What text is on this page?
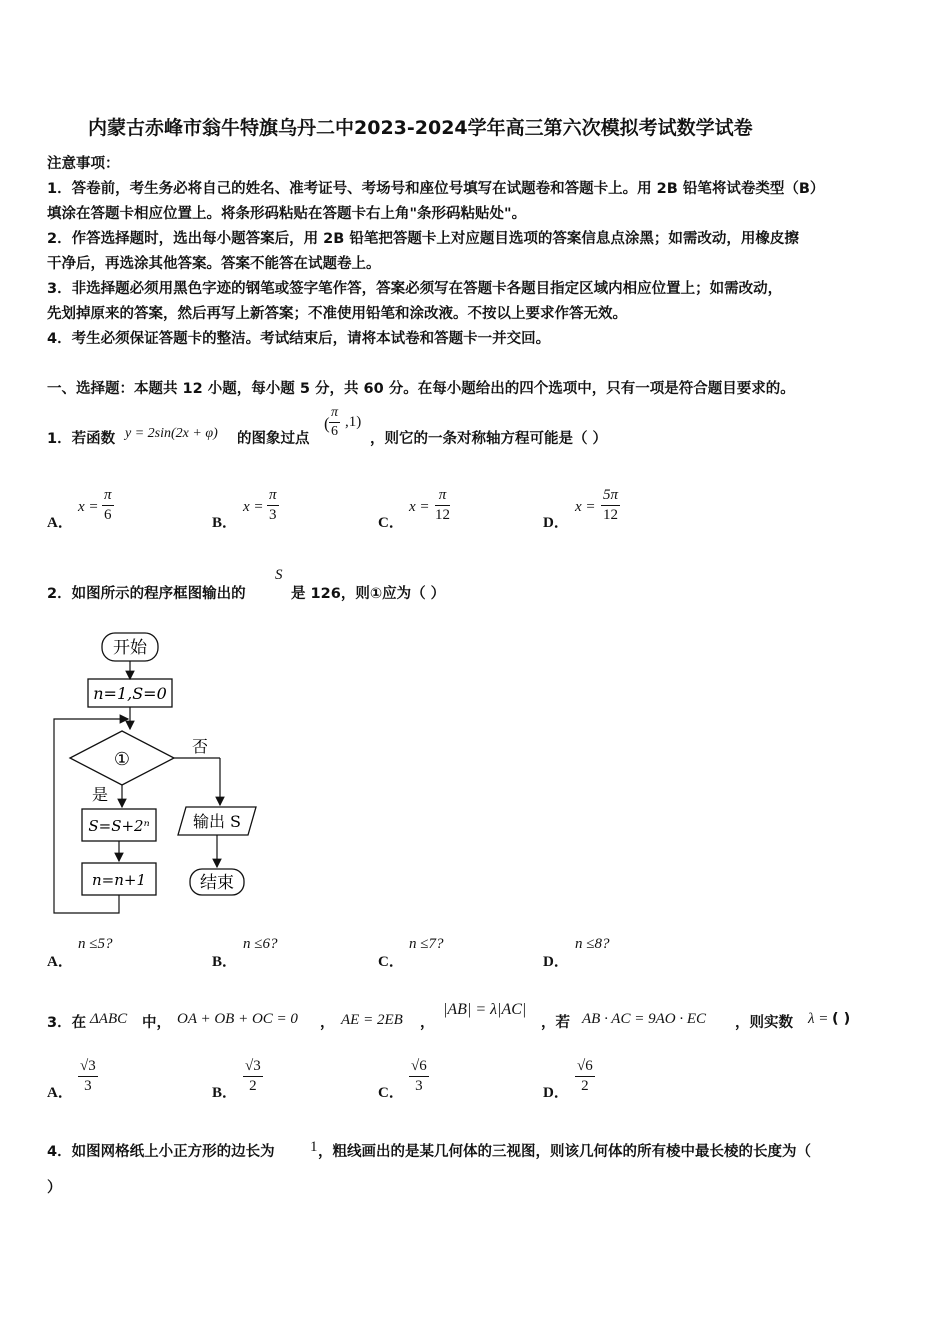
内蒙古赤峰市翁牛特旗乌丹二中2023-2024学年高三第六次模拟考试数学试卷
注意事项：
1．答卷前，考生务必将自己的姓名、准考证号、考场号和座位号填写在试题卷和答题卡上。用 2B 铅笔将试卷类型（B）
填涂在答题卡相应位置上。将条形码粘贴在答题卡右上角"条形码粘贴处"。
2．作答选择题时，选出每小题答案后，用 2B 铅笔把答题卡上对应题目选项的答案信息点涂黑；如需改动，用橡皮擦
干净后，再选涂其他答案。答案不能答在试题卷上。
3．非选择题必须用黑色字迹的钢笔或签字笔作答，答案必须写在答题卡各题目指定区域内相应位置上；如需改动，
先划掉原来的答案，然后再写上新答案；不准使用铅笔和涂改液。不按以上要求作答无效。
4．考生必须保证答题卡的整洁。考试结束后，请将本试卷和答题卡一并交回。
一、选择题：本题共 12 小题，每小题 5 分，共 60 分。在每小题给出的四个选项中，只有一项是符合题目要求的。
1．若函数 y = 2sin(2x + φ) 的图象过点
( $\frac{\pi}{6} ,1$)
，则它的一条对称轴方程可能是（ ）
A．
$x = \frac{\pi}{6}$	B．
$x = \frac{\pi}{3}$	C．
$x = \frac{\pi}{12}$	D．
$x = \frac{5\pi}{12}$
2．如图所示的程序框图输出的
S
是 126，则①应为（ ）
开始
n=1,S=0
①
否
是
S=S+2ⁿ
n=n+1
输出 S
结束
A．
n ≤5?
B．
n ≤6?
C．
n ≤7?
D．
n ≤8?
3．在 ΔABC 中， OA + OB + OC = 0 ， AE = 2EB ，
|AB| = λ|AC|
，若 AB · AC = 9AO · EC ，则实数 λ = ( )
A． $\frac{√3}{3}$	B． $\frac{√3}{2}$	C． $\frac{√6}{3}$	D． $\frac{√6}{2}$
4．如图网格纸上小正方形的边长为 1 ，粗线画出的是某几何体的三视图，则该几何体的所有棱中最长棱的长度为（
）
